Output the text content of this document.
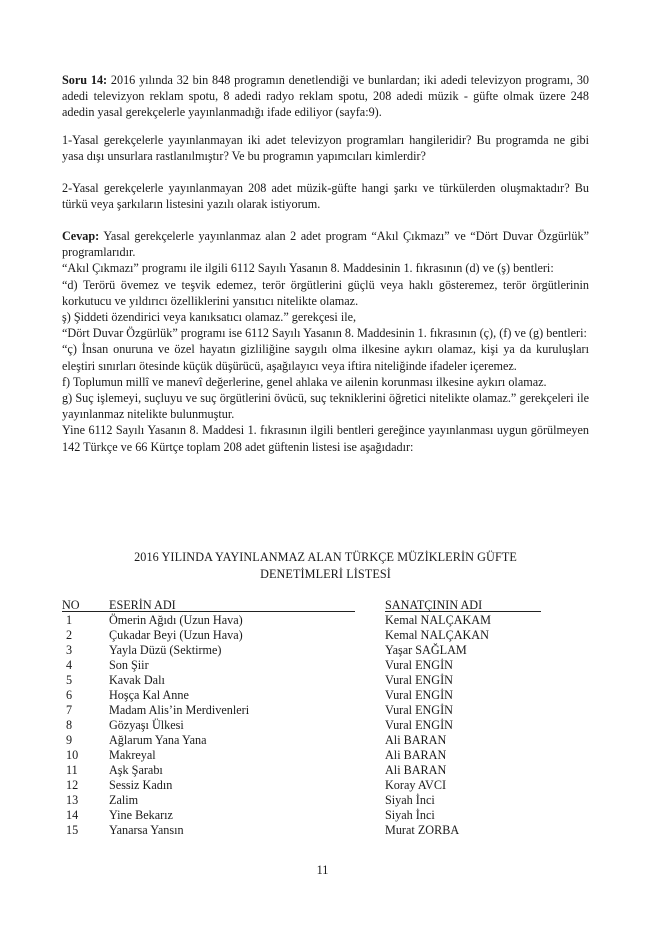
Soru 14: 2016 yılında 32 bin 848 programın denetlendiği ve bunlardan; iki adedi televizyon programı, 30 adedi televizyon reklam spotu, 8 adedi radyo reklam spotu, 208 adedi müzik - güfte olmak üzere 248 adedin yasal gerekçelerle yayınlanmadığı ifade ediliyor (sayfa:9).

1-Yasal gerekçelerle yayınlanmayan iki adet televizyon programları hangileridir? Bu programda ne gibi yasa dışı unsurlara rastlanılmıştır? Ve bu programın yapımcıları kimlerdir?

2-Yasal gerekçelerle yayınlanmayan 208 adet müzik-güfte hangi şarkı ve türkülerden oluşmaktadır? Bu türkü veya şarkıların listesini yazılı olarak istiyorum.

Cevap: Yasal gerekçelerle yayınlanmaz alan 2 adet program “Akıl Çıkmazı” ve “Dört Duvar Özgürlük” programlarıdır.

“Akıl Çıkmazı” programı ile ilgili 6112 Sayılı Yasanın 8. Maddesinin 1. fıkrasının (d) ve (ş) bentleri:

“d) Terörü övemez ve teşvik edemez, terör örgütlerini güçlü veya haklı gösteremez, terör örgütlerinin korkutucu ve yıldırıcı özelliklerini yansıtıcı nitelikte olamaz.

ş) Şiddeti özendirici veya kanıksatıcı olamaz.” gerekçesi ile,

“Dört Duvar Özgürlük” programı ise 6112 Sayılı Yasanın 8. Maddesinin 1. fıkrasının (ç), (f) ve (g) bentleri:

“ç) İnsan onuruna ve özel hayatın gizliliğine saygılı olma ilkesine aykırı olamaz, kişi ya da kuruluşları eleştiri sınırları ötesinde küçük düşürücü, aşağılayıcı veya iftira niteliğinde ifadeler içeremez.

f) Toplumun millî ve manevî değerlerine, genel ahlaka ve ailenin korunması ilkesine aykırı olamaz.

g) Suç işlemeyi, suçluyu ve suç örgütlerini övücü, suç tekniklerini öğretici nitelikte olamaz.” gerekçeleri ile yayınlanmaz nitelikte bulunmuştur.

Yine 6112 Sayılı Yasanın 8. Maddesi 1. fıkrasının ilgili bentleri gereğince yayınlanması uygun görülmeyen 142 Türkçe ve 66 Kürtçe toplam 208 adet güftenin listesi ise aşağıdadır:

2016 YILINDA YAYINLANMAZ ALAN TÜRKÇE MÜZİKLERİN GÜFTE
DENETİMLERİ LİSTESİ
NO ESERİN ADI	SANATÇININ ADI
1	Ömerin Ağıdı (Uzun Hava)	Kemal NALÇAKAM
2	Çukadar Beyi (Uzun Hava)	Kemal NALÇAKAN
3	Yayla Düzü (Sektirme)	Yaşar SAĞLAM
4	Son Şiir	Vural ENGİN
5	Kavak Dalı	Vural ENGİN
6	Hoşça Kal Anne	Vural ENGİN
7	Madam Alis’in Merdivenleri	Vural ENGİN
8	Gözyaşı Ülkesi	Vural ENGİN
9	Ağlarum Yana Yana	Ali BARAN
10	Makreyal	Ali BARAN
11	Aşk Şarabı	Ali BARAN
12	Sessiz Kadın	Koray AVCI
13	Zalim	Siyah İnci
14	Yine Bekarız	Siyah İnci
15	Yanarsa Yansın	Murat ZORBA
11
